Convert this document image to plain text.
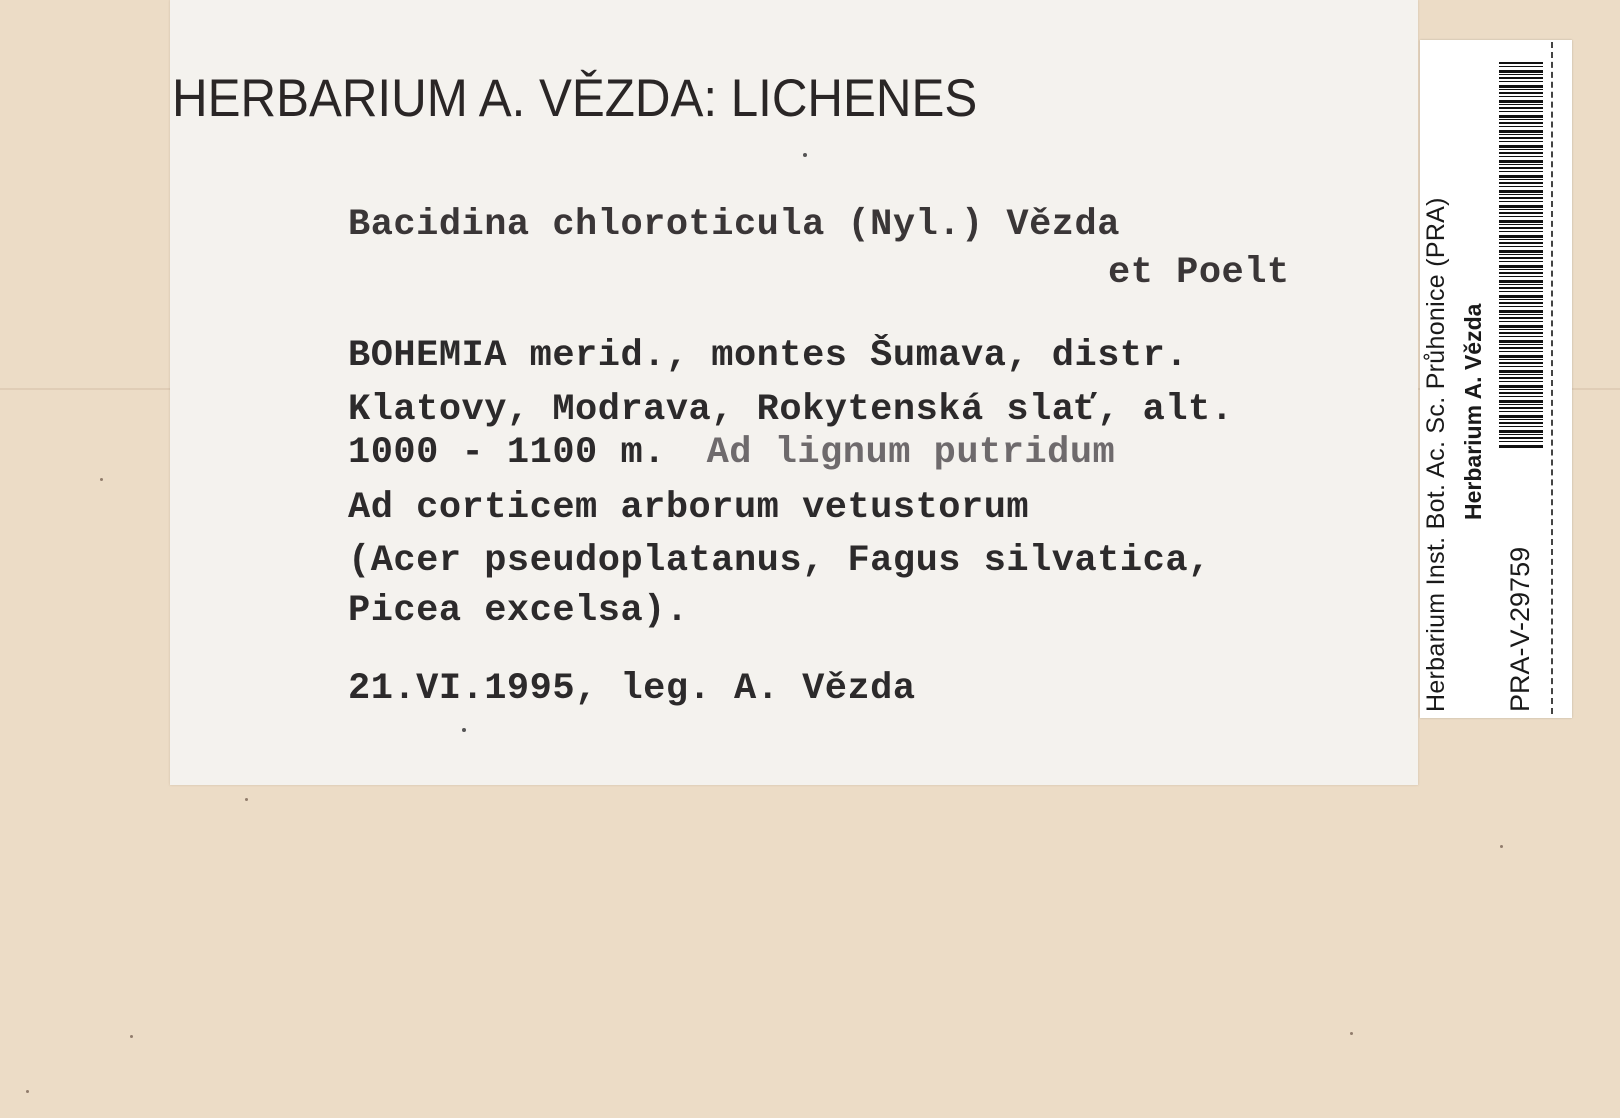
HERBARIUM A. VĚZDA: LICHENES
Bacidina chloroticula (Nyl.) Vězda
et Poelt
BOHEMIA merid., montes Šumava, distr.
Klatovy, Modrava, Rokytenská slať, alt.
1000 - 1100 m. Ad lignum putridum
Ad corticem arborum vetustorum
(Acer pseudoplatanus, Fagus silvatica,
Picea excelsa).
21.VI.1995, leg. A. Vězda	Herbarium Inst. Bot. Ac. Sc. Průhonice (PRA) Herbarium A. Vězda
PRA-V-29759
